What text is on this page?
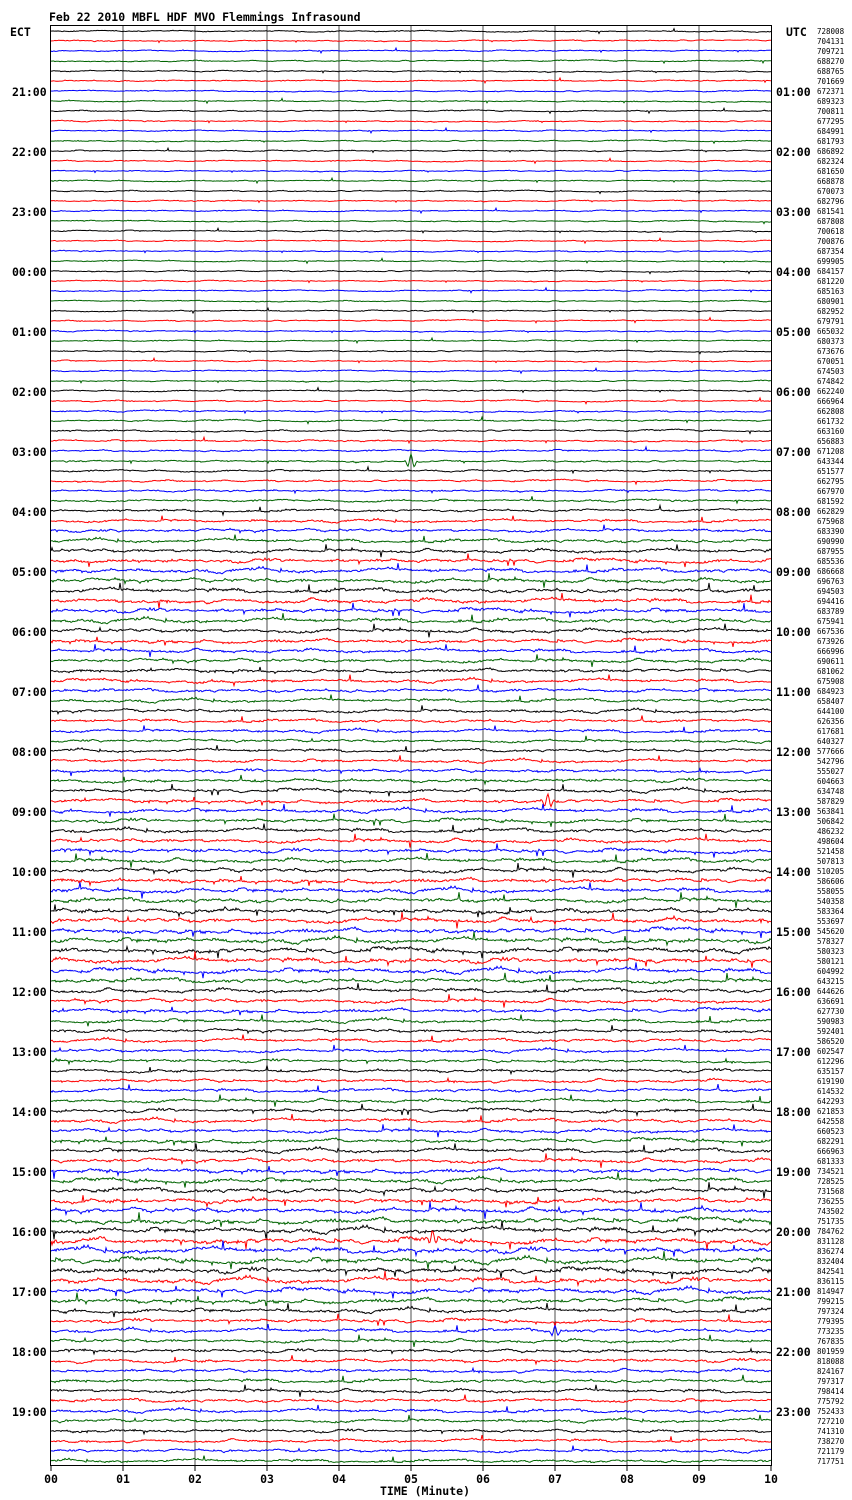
Feb 22 2010 MBFL HDF MVO Flemmings Infrasound
ECT	UTC
21:00
22:00
23:00
00:00
01:00
02:00
03:00
04:00
05:00
06:00
07:00
08:00
09:00
10:00
11:00
12:00
13:00
14:00
15:00
16:00
17:00
18:00
19:00
01:00
02:00
03:00
04:00
05:00
06:00
07:00
08:00
09:00
10:00
11:00
12:00
13:00
14:00
15:00
16:00
17:00
18:00
19:00
20:00
21:00
22:00
23:00
728008
704131
709721
688270
688765
701669
672371
689323
700811
677295
684991
681793
686892
682324
681650
668878
670073
682796
681541
687808
700618
700876
687354
699905
684157
681220
685163
680901
682952
679791
665032
680373
673676
670051
674503
674842
662240
666964
662808
661732
663160
656883
671208
643344
651577
662795
667970
681592
662829
675968
683390
690990
687955
685536
686668
696763
694503
694416
683789
675941
667536
673926
666996
690611
681062
675908
684923
658407
644100
626356
617681
640327
577666
542796
555027
604663
634748
587829
563841
506842
486232
498604
521458
507813
510205
586606
558055
540358
583364
553697
545620
578327
580323
580121
604992
643215
644626
636691
627730
590983
592401
586520
602547
612296
635157
619190
614532
642293
621853
642558
660523
682291
666963
681333
734521
728525
731568
736255
743502
751735
784762
831128
836274
832404
842541
836115
814947
799215
797324
779395
773235
767835
801959
818088
824167
797317
798414
775792
752433
727210
741310
738270
721179
717751
00	01	02	03	04	05	06	07	08	09	10
TIME (Minute)
